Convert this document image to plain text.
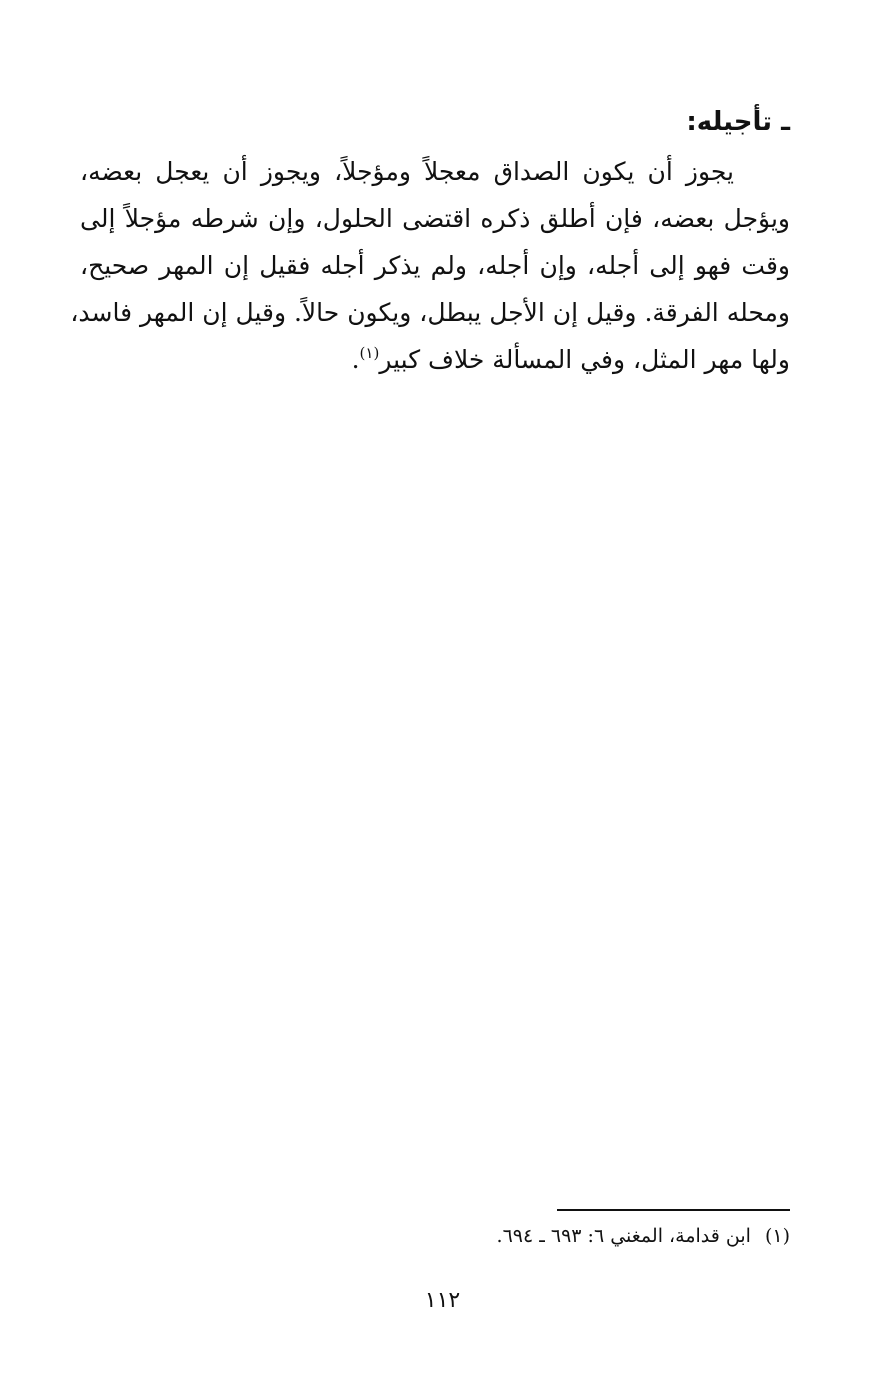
ـ تأجيله:
يجوز أن يكون الصداق معجلاً ومؤجلاً، ويجوز أن يعجل بعضه،
ويؤجل بعضه، فإن أطلق ذكره اقتضى الحلول، وإن شرطه مؤجلاً إلى
وقت فهو إلى أجله، وإن أجله، ولم يذكر أجله فقيل إن المهر صحيح،
ومحله الفرقة. وقيل إن الأجل يبطل، ويكون حالاً. وقيل إن المهر فاسد،
ولها مهر المثل، وفي المسألة خلاف كبير$^{(١)}$.
(١)ابن قدامة، المغني ٦: ٦٩٣ ـ ٦٩٤.
١١٢
